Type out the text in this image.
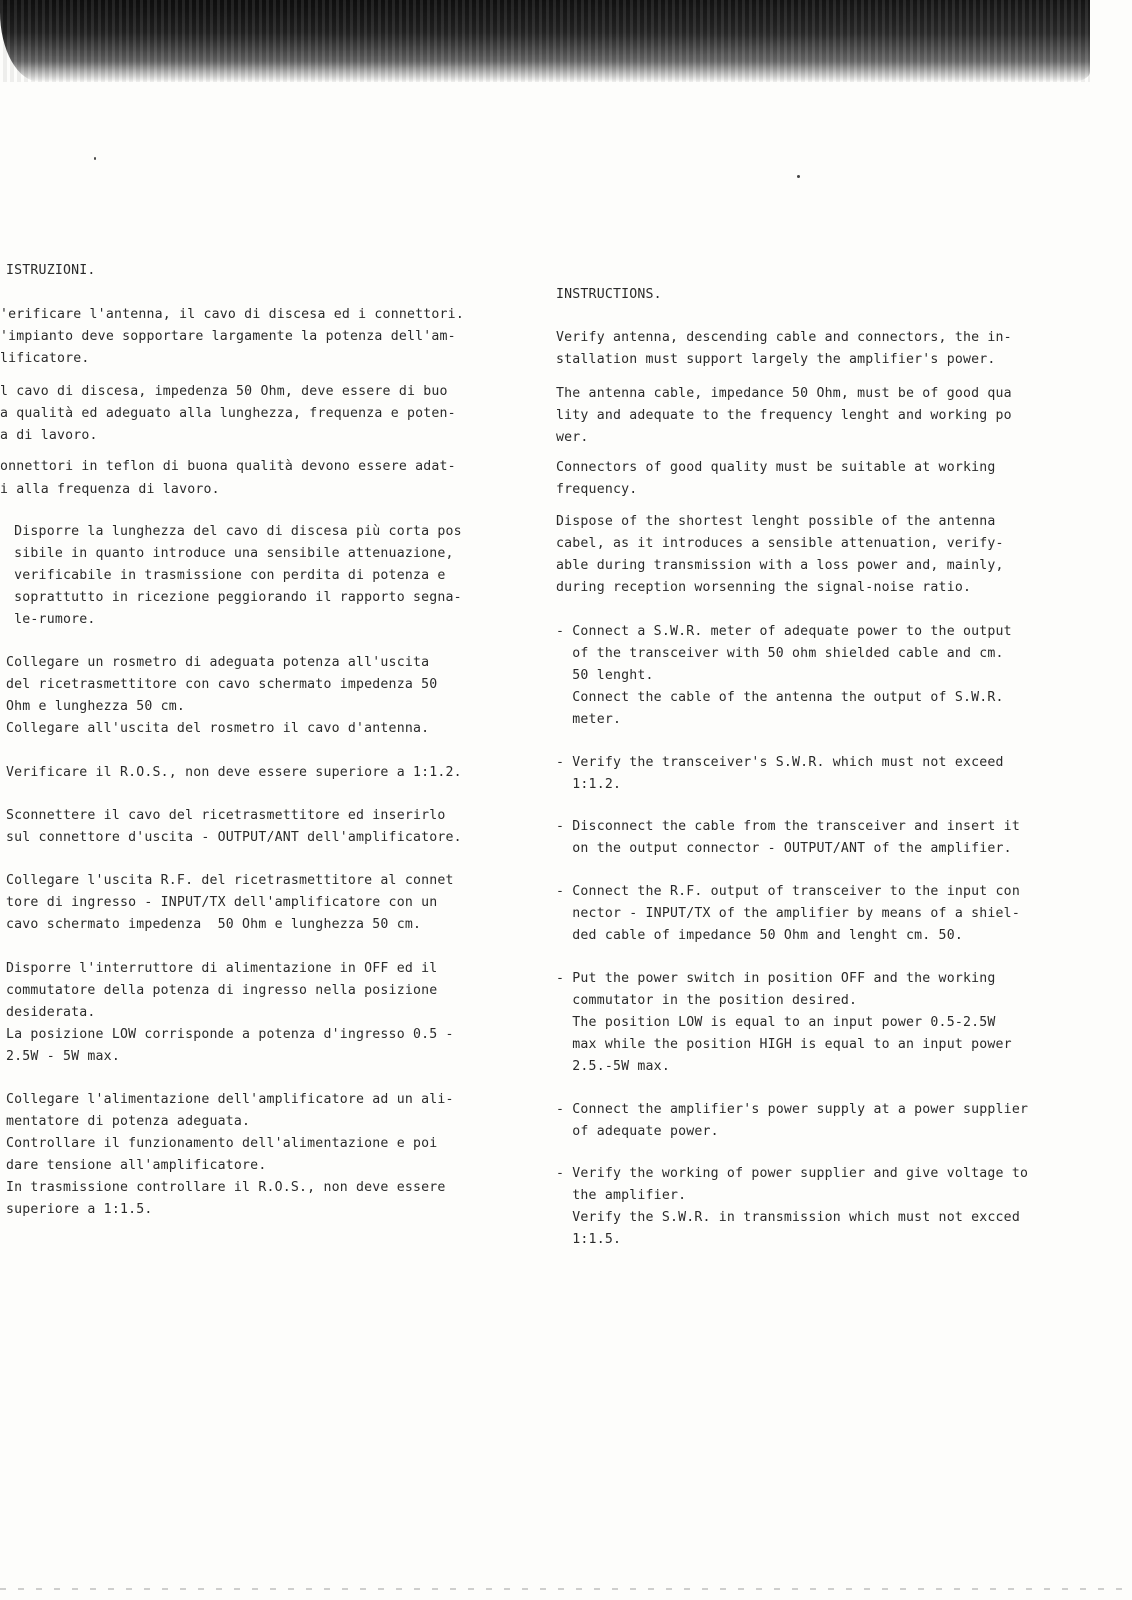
ISTRUZIONI.
'erificare l'antenna, il cavo di discesa ed i connettori.
'impianto deve sopportare largamente la potenza dell'am-
lificatore.
l cavo di discesa, impedenza 50 Ohm, deve essere di buo
a qualità ed adeguato alla lunghezza, frequenza e poten-
a di lavoro.
onnettori in teflon di buona qualità devono essere adat-
i alla frequenza di lavoro.
Disporre la lunghezza del cavo di discesa più corta pos
sibile in quanto introduce una sensibile attenuazione,
verificabile in trasmissione con perdita di potenza e
soprattutto in ricezione peggiorando il rapporto segna-
le-rumore.
Collegare un rosmetro di adeguata potenza all'uscita
del ricetrasmettitore con cavo schermato impedenza 50
Ohm e lunghezza 50 cm.
Collegare all'uscita del rosmetro il cavo d'antenna.
Verificare il R.O.S., non deve essere superiore a 1:1.2.
Sconnettere il cavo del ricetrasmettitore ed inserirlo
sul connettore d'uscita - OUTPUT/ANT dell'amplificatore.
Collegare l'uscita R.F. del ricetrasmettitore al connet
tore di ingresso - INPUT/TX dell'amplificatore con un
cavo schermato impedenza  50 Ohm e lunghezza 50 cm.
Disporre l'interruttore di alimentazione in OFF ed il
commutatore della potenza di ingresso nella posizione
desiderata.
La posizione LOW corrisponde a potenza d'ingresso 0.5 -
2.5W - 5W max.
Collegare l'alimentazione dell'amplificatore ad un ali-
mentatore di potenza adeguata.
Controllare il funzionamento dell'alimentazione e poi
dare tensione all'amplificatore.
In trasmissione controllare il R.O.S., non deve essere
superiore a 1:1.5.
INSTRUCTIONS.
Verify antenna, descending cable and connectors, the in-
stallation must support largely the amplifier's power.
The antenna cable, impedance 50 Ohm, must be of good qua
lity and adequate to the frequency lenght and working po
wer.
Connectors of good quality must be suitable at working
frequency.
Dispose of the shortest lenght possible of the antenna
cabel, as it introduces a sensible attenuation, verify-
able during transmission with a loss power and, mainly,
during reception worsenning the signal-noise ratio.
- Connect a S.W.R. meter of adequate power to the output
of the transceiver with 50 ohm shielded cable and cm.
50 lenght.
Connect the cable of the antenna the output of S.W.R.
meter.
- Verify the transceiver's S.W.R. which must not exceed
1:1.2.
- Disconnect the cable from the transceiver and insert it
on the output connector - OUTPUT/ANT of the amplifier.
- Connect the R.F. output of transceiver to the input con
nector - INPUT/TX of the amplifier by means of a shiel-
ded cable of impedance 50 Ohm and lenght cm. 50.
- Put the power switch in position OFF and the working
commutator in the position desired.
The position LOW is equal to an input power 0.5-2.5W
max while the position HIGH is equal to an input power
2.5.-5W max.
- Connect the amplifier's power supply at a power supplier
of adequate power.
- Verify the working of power supplier and give voltage to
the amplifier.
Verify the S.W.R. in transmission which must not excced
1:1.5.
